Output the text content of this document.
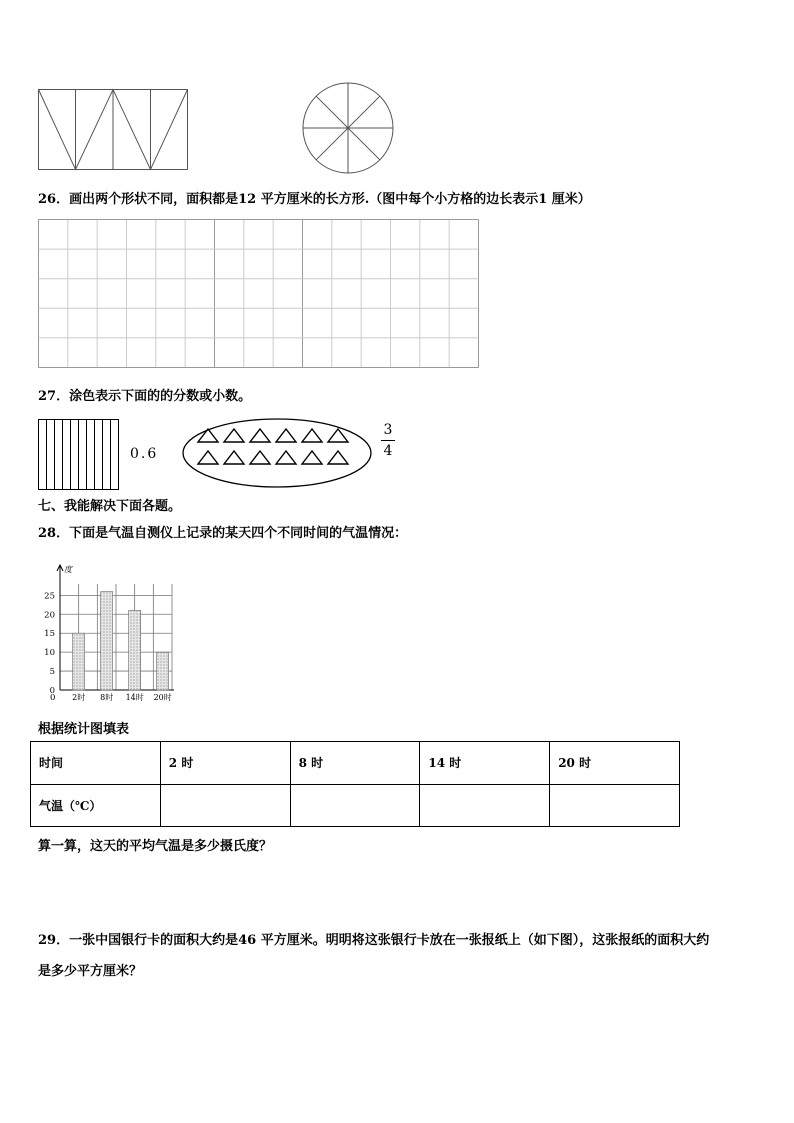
26．画出两个形状不同，面积都是12 平方厘米的长方形.（图中每个小方格的边长表示1 厘米）
27．涂色表示下面的的分数或小数。
0.6
3
4
七、我能解决下面各题。
28．下面是气温自测仪上记录的某天四个不同时间的气温情况：
0
5
10
15
20
25
度
2时 8时 14时 20时
0
根据统计图填表
时间	2 时	8 时	14 时	20 时
气温（℃）				
算一算，这天的平均气温是多少摄氏度？
29．一张中国银行卡的面积大约是46 平方厘米。明明将这张银行卡放在一张报纸上（如下图），这张报纸的面积大约
是多少平方厘米？
